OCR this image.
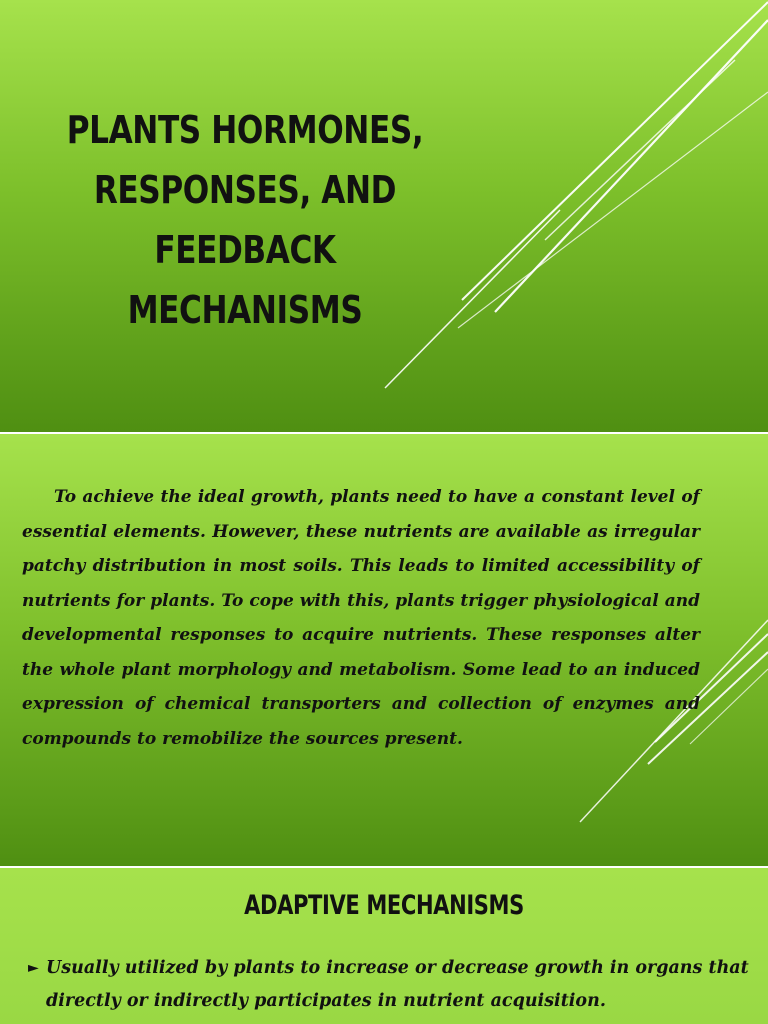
PLANTS HORMONES, RESPONSES, AND FEEDBACK MECHANISMS

To achieve the ideal growth, plants need to have a constant level of essential elements. However, these nutrients are available as irregular patchy distribution in most soils. This leads to limited accessibility of nutrients for plants. To cope with this, plants trigger physiological and developmental responses to acquire nutrients. These responses alter the whole plant morphology and metabolism. Some lead to an induced expression of chemical transporters and collection of enzymes and compounds to remobilize the sources present.

ADAPTIVE MECHANISMS
► Usually utilized by plants to increase or decrease growth in organs that directly or indirectly participates in nutrient acquisition.
